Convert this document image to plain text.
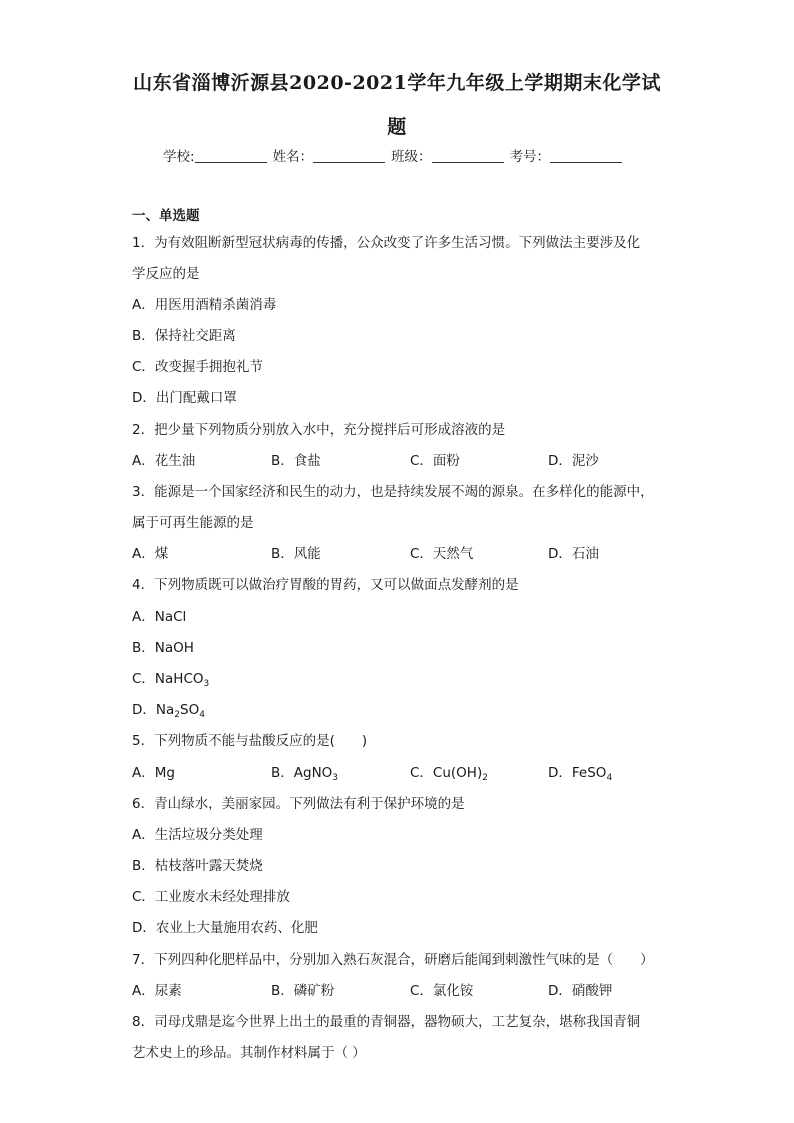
山东省淄博沂源县2020-2021学年九年级上学期期末化学试
题
学校:	姓名：	班级：	考号：
一、单选题
1．为有效阻断新型冠状病毒的传播，公众改变了许多生活习惯。下列做法主要涉及化
学反应的是
A．用医用酒精杀菌消毒
B．保持社交距离
C．改变握手拥抱礼节
D．出门配戴口罩
2．把少量下列物质分别放入水中，充分搅拌后可形成溶液的是
A．花生油	B．食盐	C．面粉	D．泥沙
3．能源是一个国家经济和民生的动力，也是持续发展不竭的源泉。在多样化的能源中，
属于可再生能源的是
A．煤	B．风能	C．天然气	D．石油
4．下列物质既可以做治疗胃酸的胃药，又可以做面点发酵剂的是
A．NaCl
B．NaOH
C．NaHCO$_3$
D．$Na_2SO_4$
5．下列物质不能与盐酸反应的是(　　)
A．Mg	B．AgNO$_3$	C．$Cu(OH)_2$	D．FeSO$_4$
6．青山绿水，美丽家园。下列做法有利于保护环境的是
A．生活垃圾分类处理
B．枯枝落叶露天焚烧
C．工业废水未经处理排放
D．农业上大量施用农药、化肥
7．下列四种化肥样品中，分别加入熟石灰混合，研磨后能闻到刺激性气味的是（　　）
A．尿素	B．磷矿粉	C．氯化铵	D．硝酸钾
8．司母戊鼎是迄今世界上出土的最重的青铜器，器物硕大，工艺复杂，堪称我国青铜
艺术史上的珍品。其制作材料属于（ ）
